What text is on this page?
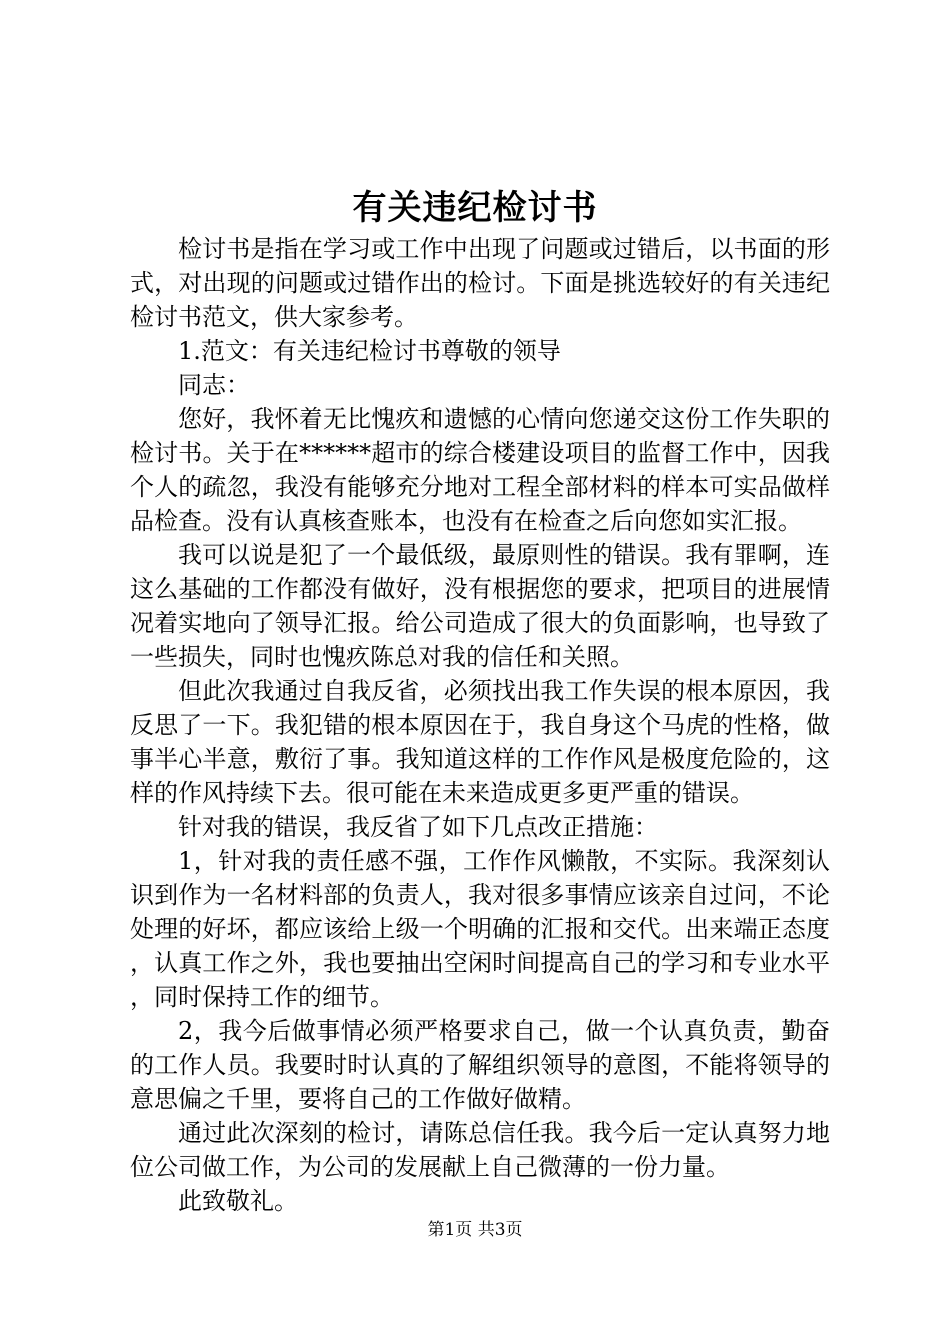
有关违纪检讨书

检讨书是指在学习或工作中出现了问题或过错后，以书面的形式，对出现的问题或过错作出的检讨。下面是挑选较好的有关违纪检讨书范文，供大家参考。

1.范文：有关违纪检讨书尊敬的领导

同志：

您好，我怀着无比愧疚和遗憾的心情向您递交这份工作失职的检讨书。关于在******超市的综合楼建设项目的监督工作中，因我个人的疏忽，我没有能够充分地对工程全部材料的样本可实品做样品检查。没有认真核查账本，也没有在检查之后向您如实汇报。

我可以说是犯了一个最低级，最原则性的错误。我有罪啊，连这么基础的工作都没有做好，没有根据您的要求，把项目的进展情况着实地向了领导汇报。给公司造成了很大的负面影响，也导致了一些损失，同时也愧疚陈总对我的信任和关照。

但此次我通过自我反省，必须找出我工作失误的根本原因，我反思了一下。我犯错的根本原因在于，我自身这个马虎的性格，做事半心半意，敷衍了事。我知道这样的工作作风是极度危险的，这样的作风持续下去。很可能在未来造成更多更严重的错误。

针对我的错误，我反省了如下几点改正措施：

1，针对我的责任感不强，工作作风懒散，不实际。我深刻认识到作为一名材料部的负责人，我对很多事情应该亲自过问，不论处理的好坏，都应该给上级一个明确的汇报和交代。出来端正态度，认真工作之外，我也要抽出空闲时间提高自己的学习和专业水平，同时保持工作的细节。

2，我今后做事情必须严格要求自己，做一个认真负责，勤奋的工作人员。我要时时认真的了解组织领导的意图，不能将领导的意思偏之千里，要将自己的工作做好做精。

通过此次深刻的检讨，请陈总信任我。我今后一定认真努力地位公司做工作，为公司的发展献上自己微薄的一份力量。

此致敬礼。

第1页 共3页
